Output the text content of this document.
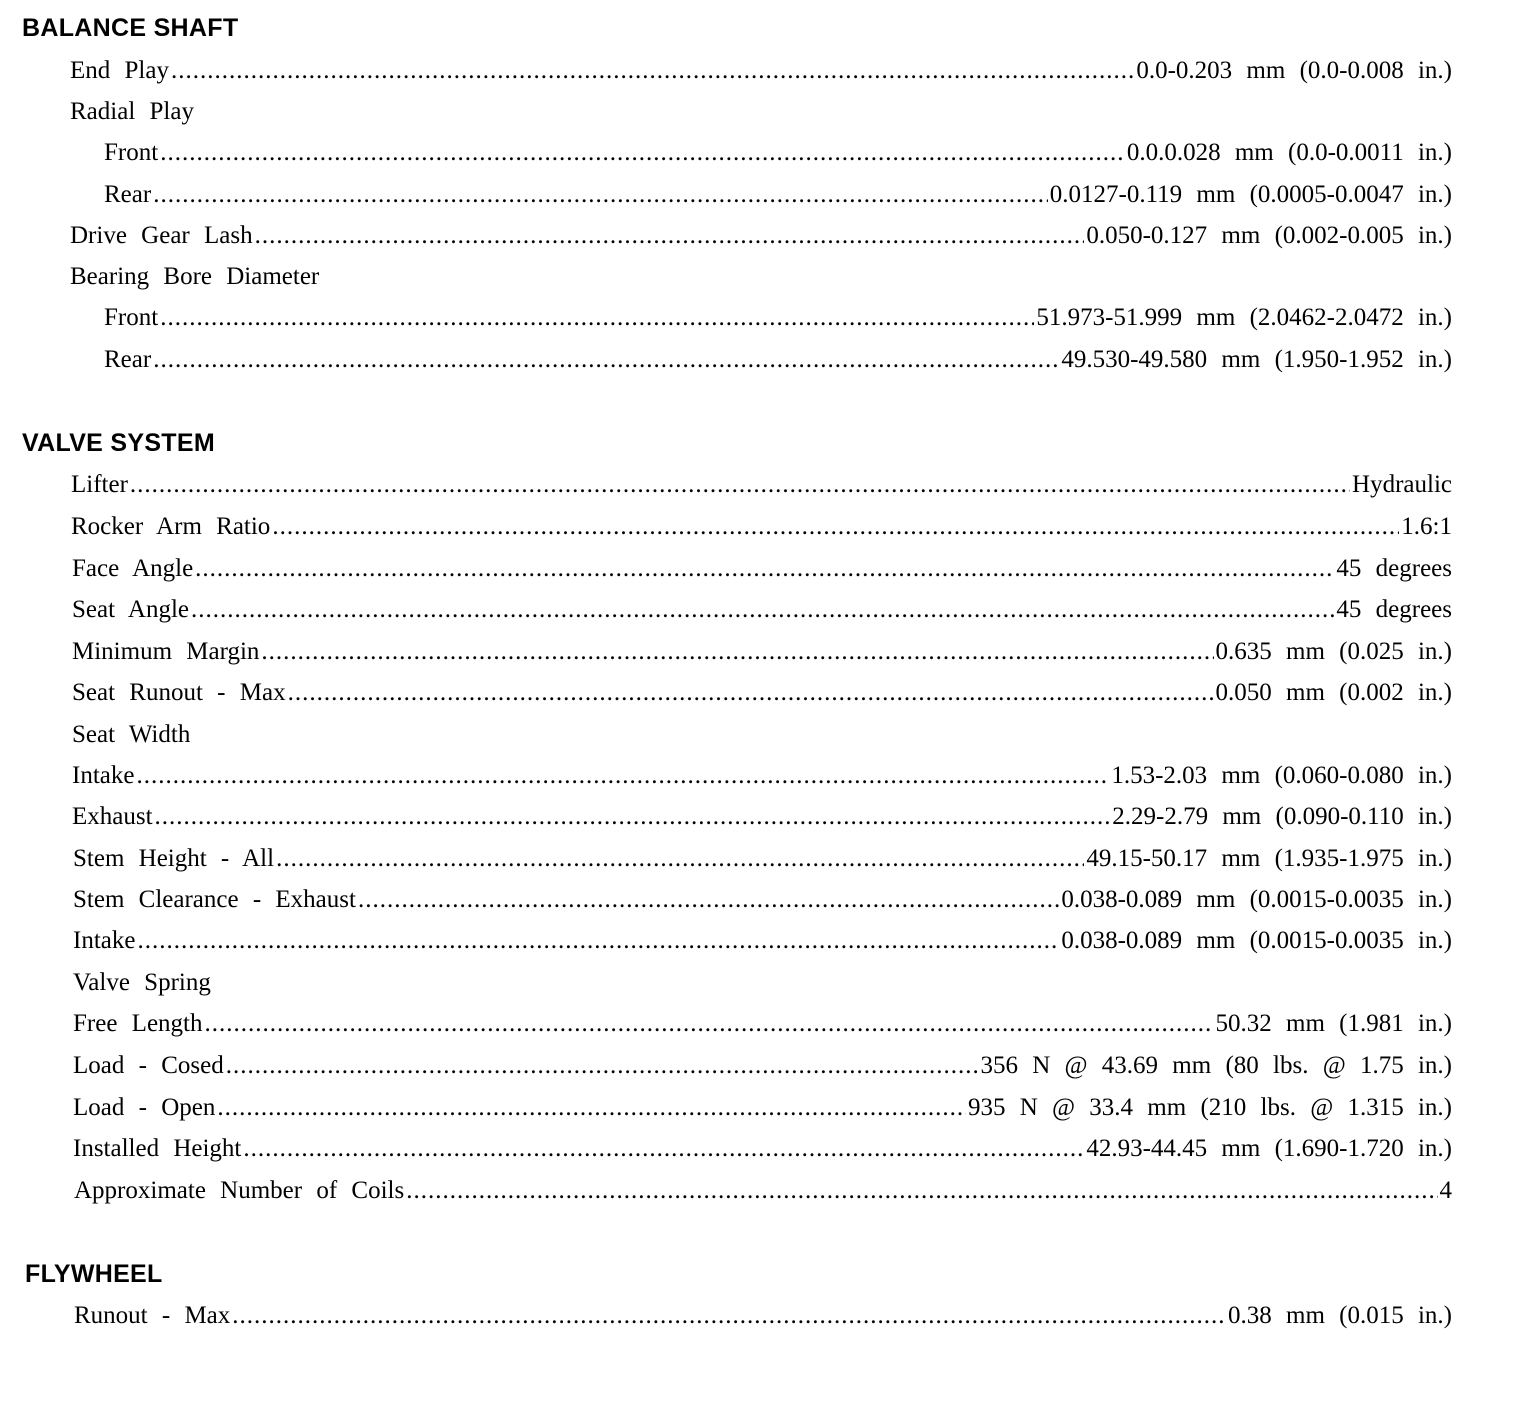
BALANCE SHAFT
End Play .....	0.0-0.203 mm (0.0-0.008 in.)
Radial Play
Front .....	0.0.0.028 mm (0.0-0.0011 in.)
Rear .....	0.0127-0.119 mm (0.0005-0.0047 in.)
Drive Gear Lash .....	0.050-0.127 mm (0.002-0.005 in.)
Bearing Bore Diameter
Front .....	51.973-51.999 mm (2.0462-2.0472 in.)
Rear .....	49.530-49.580 mm (1.950-1.952 in.)
VALVE SYSTEM
Lifter .....	Hydraulic
Rocker Arm Ratio .....	1.6:1
Face Angle .....	45 degrees
Seat Angle .....	45 degrees
Minimum Margin .....	0.635 mm (0.025 in.)
Seat Runout - Max .....	0.050 mm (0.002 in.)
Seat Width
Intake .....	1.53-2.03 mm (0.060-0.080 in.)
Exhaust .....	2.29-2.79 mm (0.090-0.110 in.)
Stem Height - All .....	49.15-50.17 mm (1.935-1.975 in.)
Stem Clearance - Exhaust .....	0.038-0.089 mm (0.0015-0.0035 in.)
Intake .....	0.038-0.089 mm (0.0015-0.0035 in.)
Valve Spring
Free Length .....	50.32 mm (1.981 in.)
Load - Cosed .....	356 N @ 43.69 mm (80 lbs. @ 1.75 in.)
Load - Open .....	935 N @ 33.4 mm (210 lbs. @ 1.315 in.)
Installed Height .....	42.93-44.45 mm (1.690-1.720 in.)
Approximate Number of Coils .....	4
FLYWHEEL
Runout - Max .....	0.38 mm (0.015 in.)
